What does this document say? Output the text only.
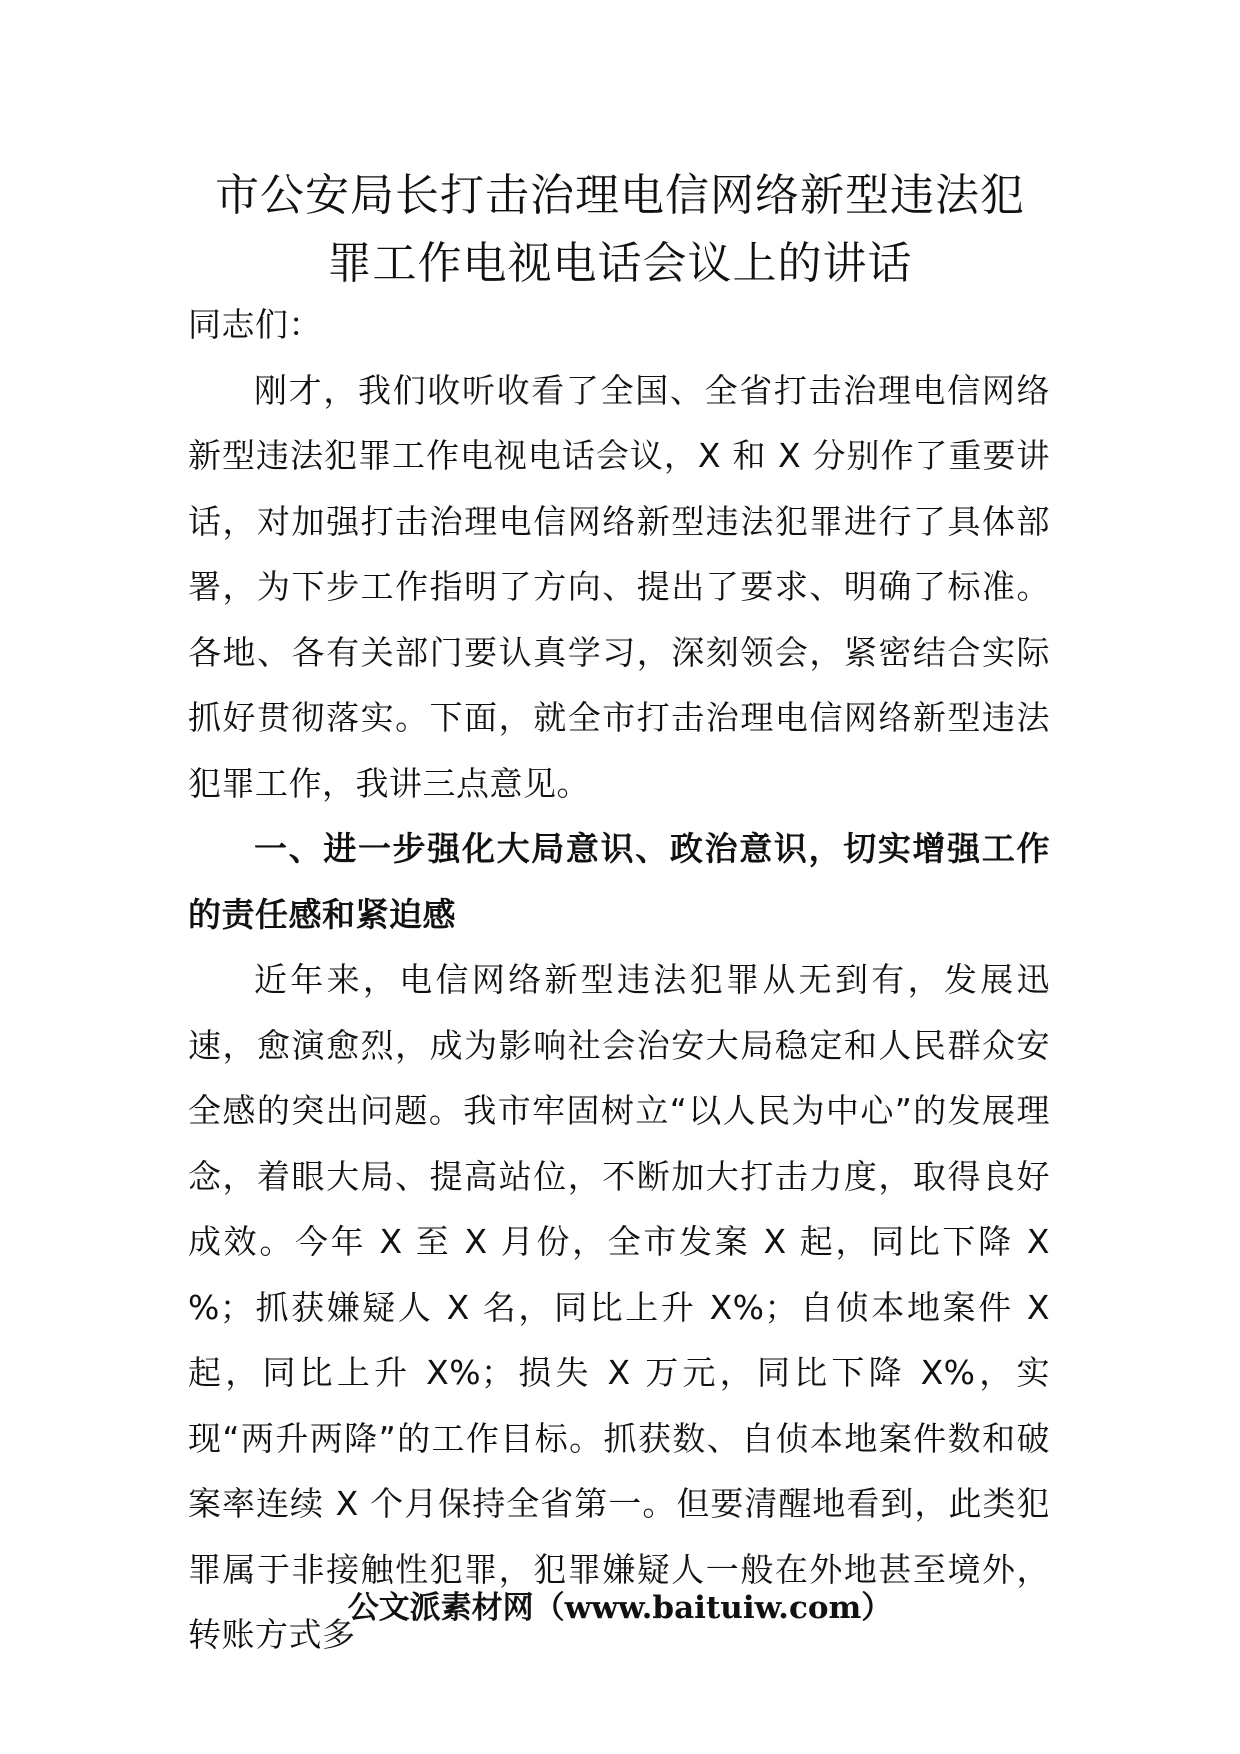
市公安局长打击治理电信网络新型违法犯
罪工作电视电话会议上的讲话

同志们：

刚才，我们收听收看了全国、全省打击治理电信网络新型违法犯罪工作电视电话会议，X 和 X 分别作了重要讲话，对加强打击治理电信网络新型违法犯罪进行了具体部署，为下步工作指明了方向、提出了要求、明确了标准。各地、各有关部门要认真学习，深刻领会，紧密结合实际抓好贯彻落实。下面，就全市打击治理电信网络新型违法犯罪工作，我讲三点意见。

一、进一步强化大局意识、政治意识，切实增强工作的责任感和紧迫感

近年来，电信网络新型违法犯罪从无到有，发展迅速，愈演愈烈，成为影响社会治安大局稳定和人民群众安全感的突出问题。我市牢固树立“以人民为中心”的发展理念，着眼大局、提高站位，不断加大打击力度，取得良好成效。今年 X 至 X 月份，全市发案 X 起，同比下降 X %；抓获嫌疑人 X 名，同比上升 X%；自侦本地案件 X 起，同比上升 X%；损失 X 万元，同比下降 X%，实现“两升两降”的工作目标。抓获数、自侦本地案件数和破案率连续 X 个月保持全省第一。但要清醒地看到，此类犯罪属于非接触性犯罪，犯罪嫌疑人一般在外地甚至境外，转账方式多

公文派素材网（www.baituiw.com）
